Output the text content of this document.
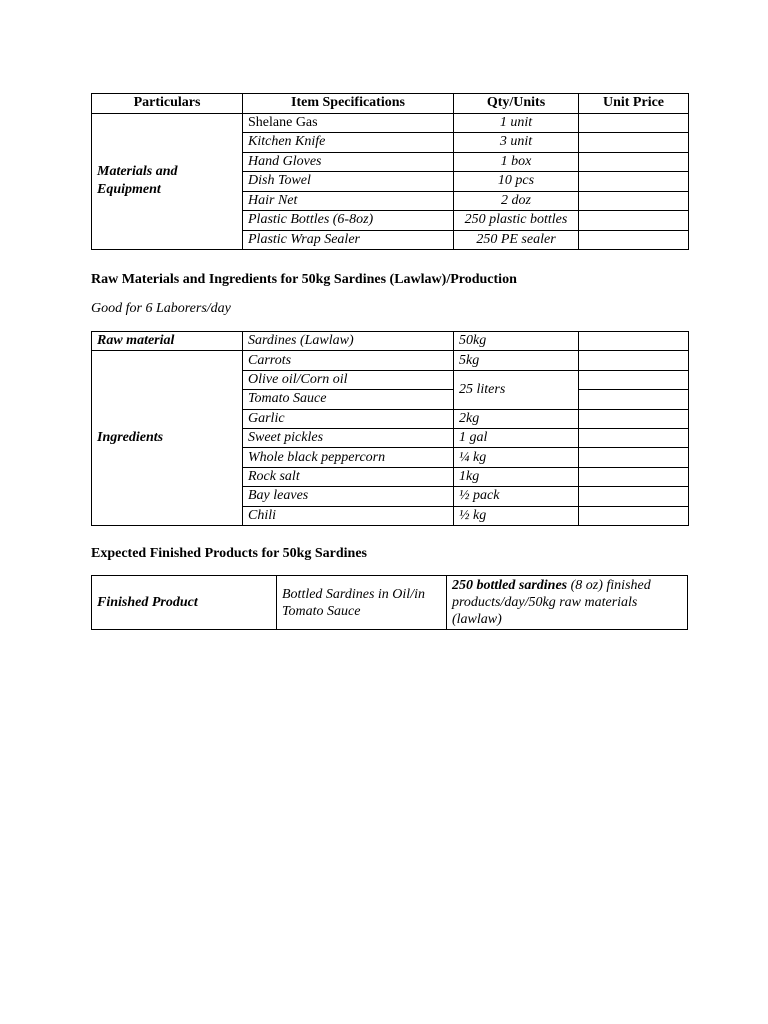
Particulars	Item Specifications	Qty/Units	Unit Price
Materials and Equipment	Shelane Gas	1 unit	
	Kitchen Knife	3 unit	
	Hand Gloves	1 box	
	Dish Towel	10 pcs	
	Hair Net	2 doz	
	Plastic Bottles (6-8oz)	250 plastic bottles	
	Plastic Wrap Sealer	250 PE sealer	

Raw Materials and Ingredients for 50kg Sardines (Lawlaw)/Production

Good for 6 Laborers/day

Raw material	Sardines (Lawlaw)	50kg	
Ingredients	Carrots	5kg	
	Olive oil/Corn oil	25 liters	
	Tomato Sauce		
	Garlic	2kg	
	Sweet pickles	1 gal	
	Whole black peppercorn	¼ kg	
	Rock salt	1kg	
	Bay leaves	½ pack	
	Chili	½ kg	

Expected Finished Products for 50kg Sardines

Finished Product	Bottled Sardines in Oil/in Tomato Sauce	250 bottled sardines (8 oz) finished products/day/50kg raw materials (lawlaw)
